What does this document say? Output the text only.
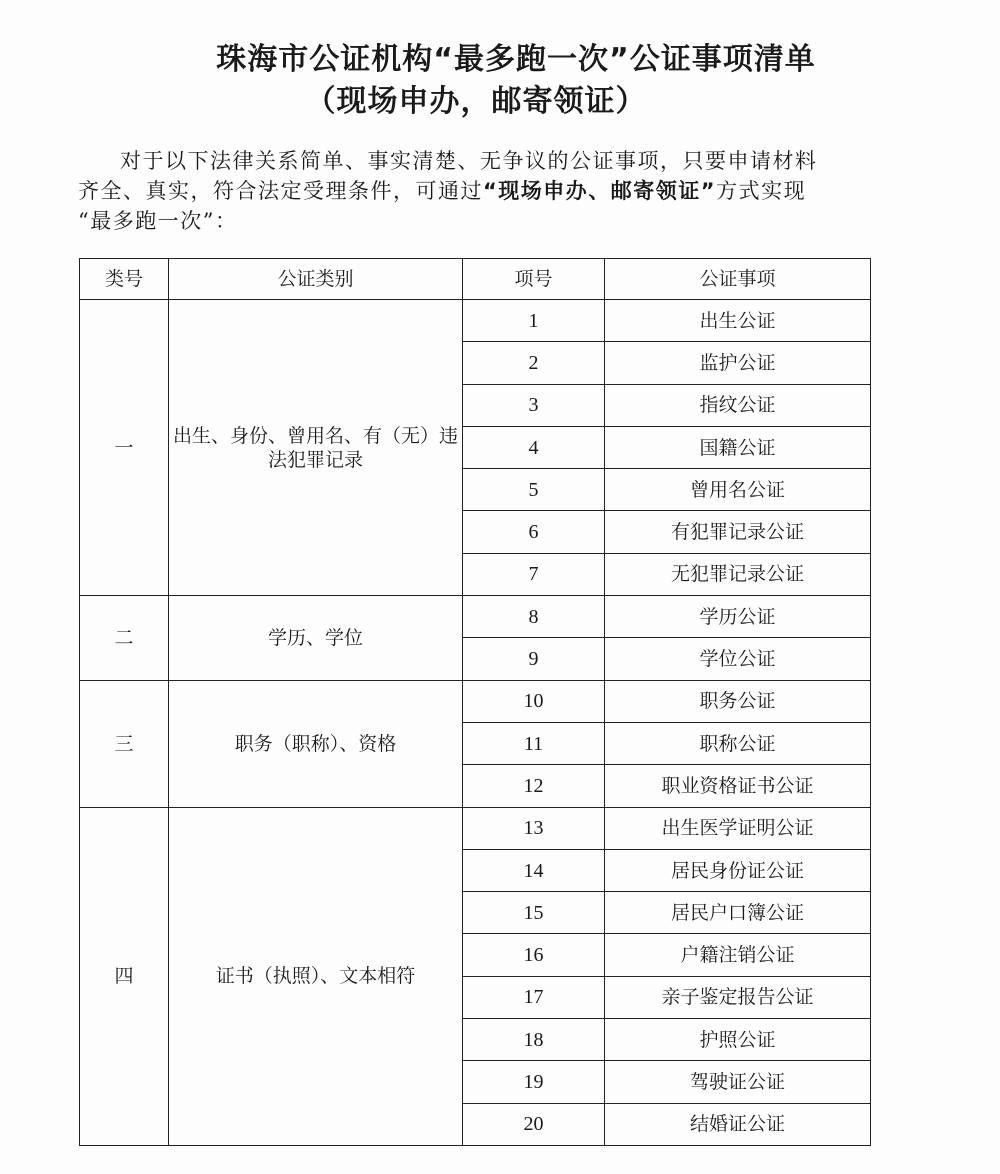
珠海市公证机构“最多跑一次”公证事项清单
（现场申办，邮寄领证）
对于以下法律关系简单、事实清楚、无争议的公证事项，只要申请材料
齐全、真实，符合法定受理条件，可通过“现场申办、邮寄领证”方式实现
“最多跑一次”：
类号	公证类别	项号	公证事项
一	出生、身份、曾用名、有（无）违法犯罪记录	1	出生公证
		2	监护公证
		3	指纹公证
		4	国籍公证
		5	曾用名公证
		6	有犯罪记录公证
		7	无犯罪记录公证
二	学历、学位	8	学历公证
		9	学位公证
三	职务（职称）、资格	10	职务公证
		11	职称公证
		12	职业资格证书公证
四	证书（执照）、文本相符	13	出生医学证明公证
		14	居民身份证公证
		15	居民户口簿公证
		16	户籍注销公证
		17	亲子鉴定报告公证
		18	护照公证
		19	驾驶证公证
		20	结婚证公证
